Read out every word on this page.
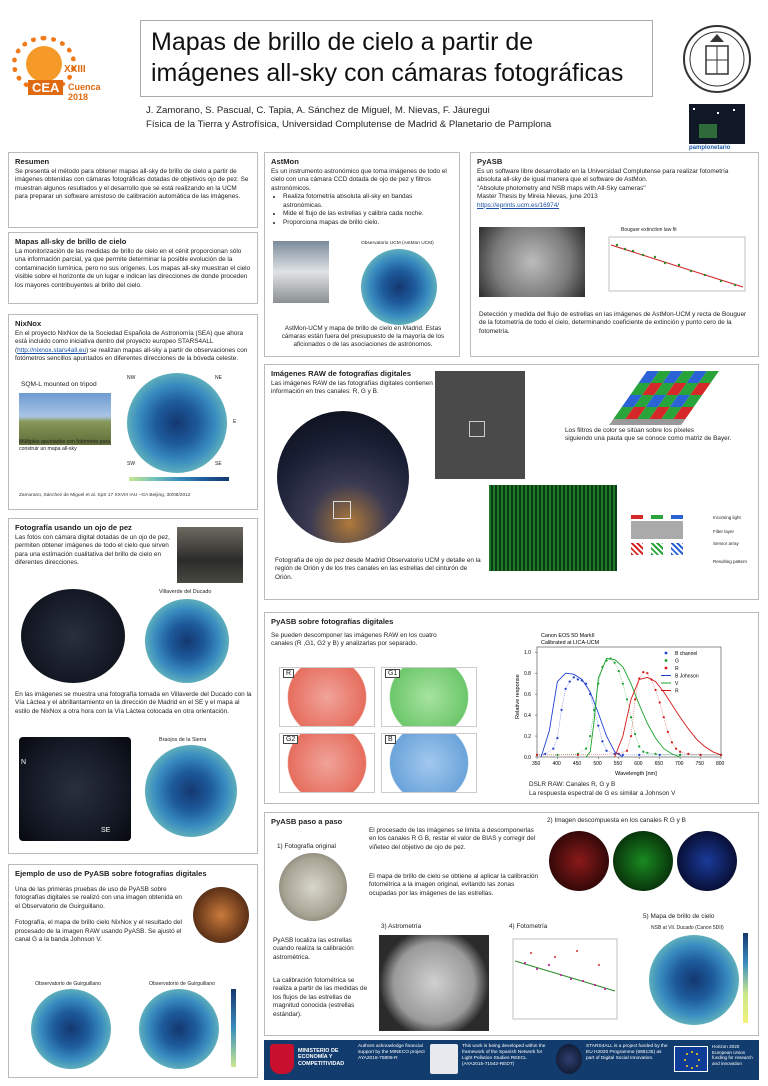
XXIII
CEA Cuenca 2018
Mapas de brillo de cielo a partir de
imágenes all-sky con cámaras fotográficas
J. Zamorano, S. Pascual, C. Tapia, A. Sánchez de Miguel, M. Nievas, F. Jáuregui
Física de la Tierra y Astrofísica, Universidad Complutense de Madrid & Planetario de Pamplona
pamplonetario
Resumen
Se presenta el método para obtener mapas all-sky de brillo de cielo a partir de imágenes obtenidas con cámaras fotográficas dotadas de objetivos ojo de pez. Se muestran algunos resultados y el desarrollo que se está realizando en la UCM para preparar un software amistoso de calibración automática de las imágenes.
Mapas all-sky de brillo de cielo
La monitorización de las medidas de brillo de cielo en el cénit proporcionan sólo una información parcial, ya que permite determinar la posible evolución de la contaminación lumínica, pero no sus orígenes. Los mapas all-sky muestran el cielo visible sobre el horizonte de un lugar e indican las direcciones de donde proceden los mayores contribuyentes al brillo del cielo.
NixNox
En el proyecto NixNox de la Sociedad Española de Astronomía (SEA) que ahora está incluido como iniciativa dentro del proyecto europeo STARS4ALL (http://nixnox.stars4all.eu) se realizan mapas all-sky a partir de observaciones con fotómetros sencillos apuntados en diferentes direcciones de la bóveda celeste.
SQM-L mounted on tripod
Múltiples apuntados con fotómetro para construir un mapa all-sky
NE
SE
E
NW
SW
Zamorano, Sánchez de Miguel et al. SpS 17 XXVIII IAU –GA Beijing, 30/08/2012
Fotografía usando un ojo de pez
Las fotos con cámara digital dotadas de un ojo de pez, permiten obtener imágenes de todo el cielo que sirven para una estimación cualitativa del brillo de cielo en diferentes direcciones.
Villaverde del Ducado
En las imágenes se muestra una fotografía tomada en Villaverde del Ducado con la Vía Láctea y el abrillantamiento en la dirección de Madrid en el SE y el mapa al estilo de NixNox a otra hora con la Vía Láctea colocada en otra orientación.
N
SE
Braojos de la Sierra
Ejemplo de uso de PyASB sobre fotografías digitales
Una de las primeras pruebas de uso de PyASB sobre fotografías digitales se realizó con una imagen obtenida en el Observatorio de Guirguillano.
Fotografía, el mapa de brillo cielo NixNox y el resultado del procesado de la imagen RAW usando PyASB. Se ajustó el canal G a la banda Johnson V.
Observatorio de Guirguillano	Observatorio de Guirguillano
AstMon
Es un instrumento astronómico que toma imágenes de todo el cielo con una cámara CCD dotada de ojo de pez y filtros astronómicos.
• Realiza fotometría absoluta all-sky en bandas astronómicas.
• Mide el flujo de las estrellas y calibra cada noche.
• Proporciona mapas de brillo cielo.
Observatorio UCM (AstMon UCM)
AstMon-UCM y mapa de brillo de cielo en Madrid. Estas cámaras están fuera del presupuesto de la mayoría de los aficionados o de las asociaciones de astrónomos.
PyASB
Es un software libre desarrollado en la Universidad Complutense para realizar fotometría absoluta all-sky de igual manera que el software de AstMon.
"Absolute photometry and NSB maps with All-Sky cameras"
Master Thesis by Mireia Nievas, june 2013
https://eprints.ucm.es/16974/
Bouguer extinction law fit
Detección y medida del flujo de estrellas en las imágenes de AstMon-UCM y recta de Bouguer de la fotometría de todo el cielo, determinando coeficiente de extinción y punto cero de la fotometría.
Imágenes RAW de fotografías digitales
Las imágenes RAW de las fotografías digitales contienen información en tres canales: R, G y B.
Los filtros de color se sitúan sobre los píxeles
siguiendo una pauta que se conoce como matriz de Bayer.
Incoming light
Filter layer
Sensor array
Resulting pattern
Fotografía de ojo de pez desde Madrid Observatorio UCM y detalle en la región de Orión y de los tres canales en las estrellas del cinturón de Orión.
PyASB sobre fotografías digitales
Se pueden descomponer las imágenes RAW en los cuatro canales (R ,G1, G2 y B) y analizarlas por separado.
R	G1
G2	B
Canon EOS 5D MarkII
Calibrated at LICA-UCM
Relative response
Wavelength [nm]
350 400 450 500 550 600 650 700 750 800
0.0
0.2
0.4
0.6
0.8
1.0	B channel
G
R
B Johnson
V
R
DSLR RAW: Canales R, G y B
La respuesta espectral de G es similar a Johnson V
PyASB paso a paso
1) Fotografía original
El procesado de las imágenes se limita a descomponerlas en los canales R G B, restar el valor de BIAS y corregir del viñeteo del objetivo de ojo de pez.
El mapa de brillo de cielo se obtiene al aplicar la calibración fotométrica a la imagen original, evitando las zonas ocupadas por las imágenes de las estrellas.
2) Imagen descompuesta en los canales R G y B
3) Astrometría	4) Fotometría
5) Mapa de brillo de cielo
NSB at Vil. Ducado (Canon 5DII)
PyASB localiza las estrellas cuando realiza la calibración astrométrica.
La calibración fotométrica se realiza a partir de las medidas de los flujos de las estrellas de magnitud conocida (estrellas estándar).
MINISTERIO DE ECONOMÍA Y COMPETITIVIDAD
Authors acknowledge financial support by the MINECO project AYA2016-75808-R
This work is being developed within the framework of the Spanish Network for Light Pollution Studies REECL (AYA2015-71542-REDT)
STARS4ALL is a project funded by the EU H2020 Programme (688135) as part of Digital Social Innovation.
Horizon 2020 European Union funding for research and innovation
